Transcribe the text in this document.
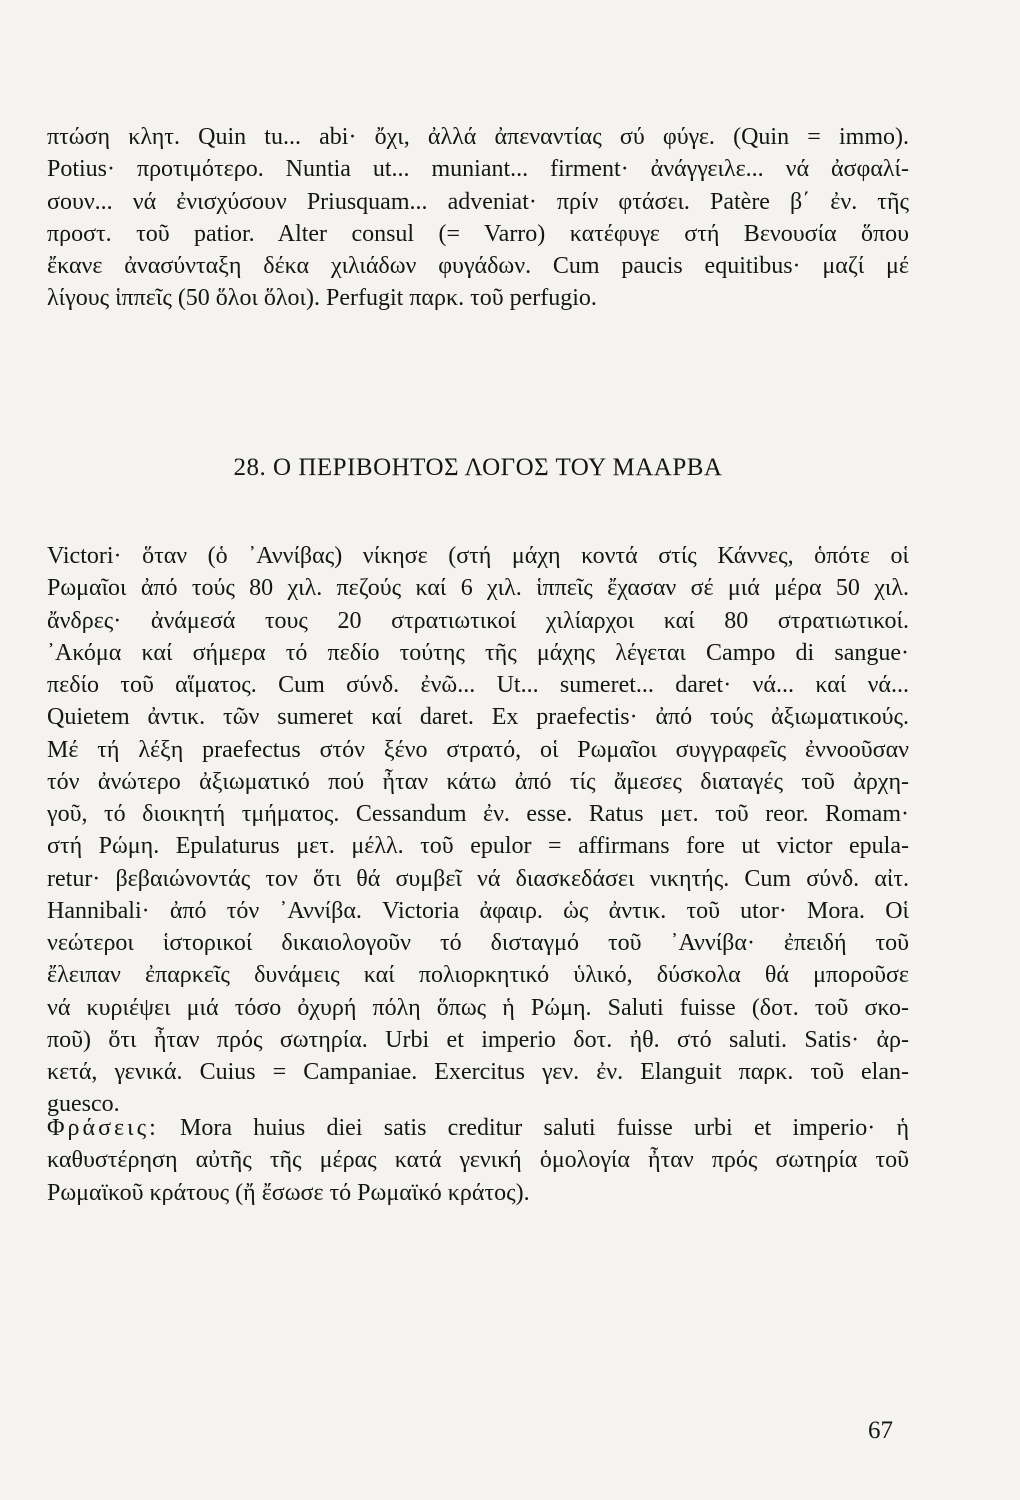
πτώση κλητ. Quin tu... abi· ὄχι, ἀλλά ἀπεναντίας σύ φύγε. (Quin = immo).
Potius· προτιμότερο. Nuntia ut... muniant... firment· ἀνάγγειλε... νά ἀσφαλί-
σουν... νά ἐνισχύσουν Priusquam... adveniat· πρίν φτάσει. Patère β΄ ἐν. τῆς
προστ. τοῦ patior. Alter consul (= Varro) κατέφυγε στή Βενουσία ὅπου
ἔκανε ἀνασύνταξη δέκα χιλιάδων φυγάδων. Cum paucis equitibus· μαζί μέ
λίγους ἱππεῖς (50 ὅλοι ὅλοι). Perfugit παρκ. τοῦ perfugio.
28. Ο ΠΕΡΙΒΟΗΤΟΣ ΛΟΓΟΣ ΤΟΥ ΜΑΑΡΒΑ
Victori· ὅταν (ὁ ᾿Αννίβας) νίκησε (στή μάχη κοντά στίς Κάννες, ὁπότε οἱ
Ρωμαῖοι ἀπό τούς 80 χιλ. πεζούς καί 6 χιλ. ἱππεῖς ἔχασαν σέ μιά μέρα 50 χιλ.
ἄνδρες· ἀνάμεσά τους 20 στρατιωτικοί χιλίαρχοι καί 80 στρατιωτικοί.
᾿Ακόμα καί σήμερα τό πεδίο τούτης τῆς μάχης λέγεται Campo di sangue·
πεδίο τοῦ αἵματος. Cum σύνδ. ἐνῶ... Ut... sumeret... daret· νά... καί νά...
Quietem ἀντικ. τῶν sumeret καί daret. Ex praefectis· ἀπό τούς ἀξιωματικούς.
Μέ τή λέξη praefectus στόν ξένο στρατό, οἱ Ρωμαῖοι συγγραφεῖς ἐννοοῦσαν
τόν ἀνώτερο ἀξιωματικό πού ἦταν κάτω ἀπό τίς ἄμεσες διαταγές τοῦ ἀρχη-
γοῦ, τό διοικητή τμήματος. Cessandum ἐν. esse. Ratus μετ. τοῦ reor. Romam·
στή Ρώμη. Epulaturus μετ. μέλλ. τοῦ epulor = affirmans fore ut victor epula-
retur· βεβαιώνοντάς τον ὅτι θά συμβεῖ νά διασκεδάσει νικητής. Cum σύνδ. αἰτ.
Hannibali· ἀπό τόν ᾿Αννίβα. Victoria ἀφαιρ. ὡς ἀντικ. τοῦ utor· Mora. Οἱ
νεώτεροι ἱστορικοί δικαιολογοῦν τό δισταγμό τοῦ ᾿Αννίβα· ἐπειδή τοῦ
ἔλειπαν ἐπαρκεῖς δυνάμεις καί πολιορκητικό ὑλικό, δύσκολα θά μποροῦσε
νά κυριέψει μιά τόσο ὀχυρή πόλη ὅπως ἡ Ρώμη. Saluti fuisse (δοτ. τοῦ σκο-
ποῦ) ὅτι ἦταν πρός σωτηρία. Urbi et imperio δοτ. ἠθ. στό saluti. Satis· ἀρ-
κετά, γενικά. Cuius = Campaniae. Exercitus γεν. ἐν. Elanguit παρκ. τοῦ elan-
guesco.
Φράσεις: Mora huius diei satis creditur saluti fuisse urbi et imperio· ἡ
καθυστέρηση αὐτῆς τῆς μέρας κατά γενική ὁμολογία ἦταν πρός σωτηρία τοῦ
Ρωμαϊκοῦ κράτους (ἤ ἔσωσε τό Ρωμαϊκό κράτος).
67
